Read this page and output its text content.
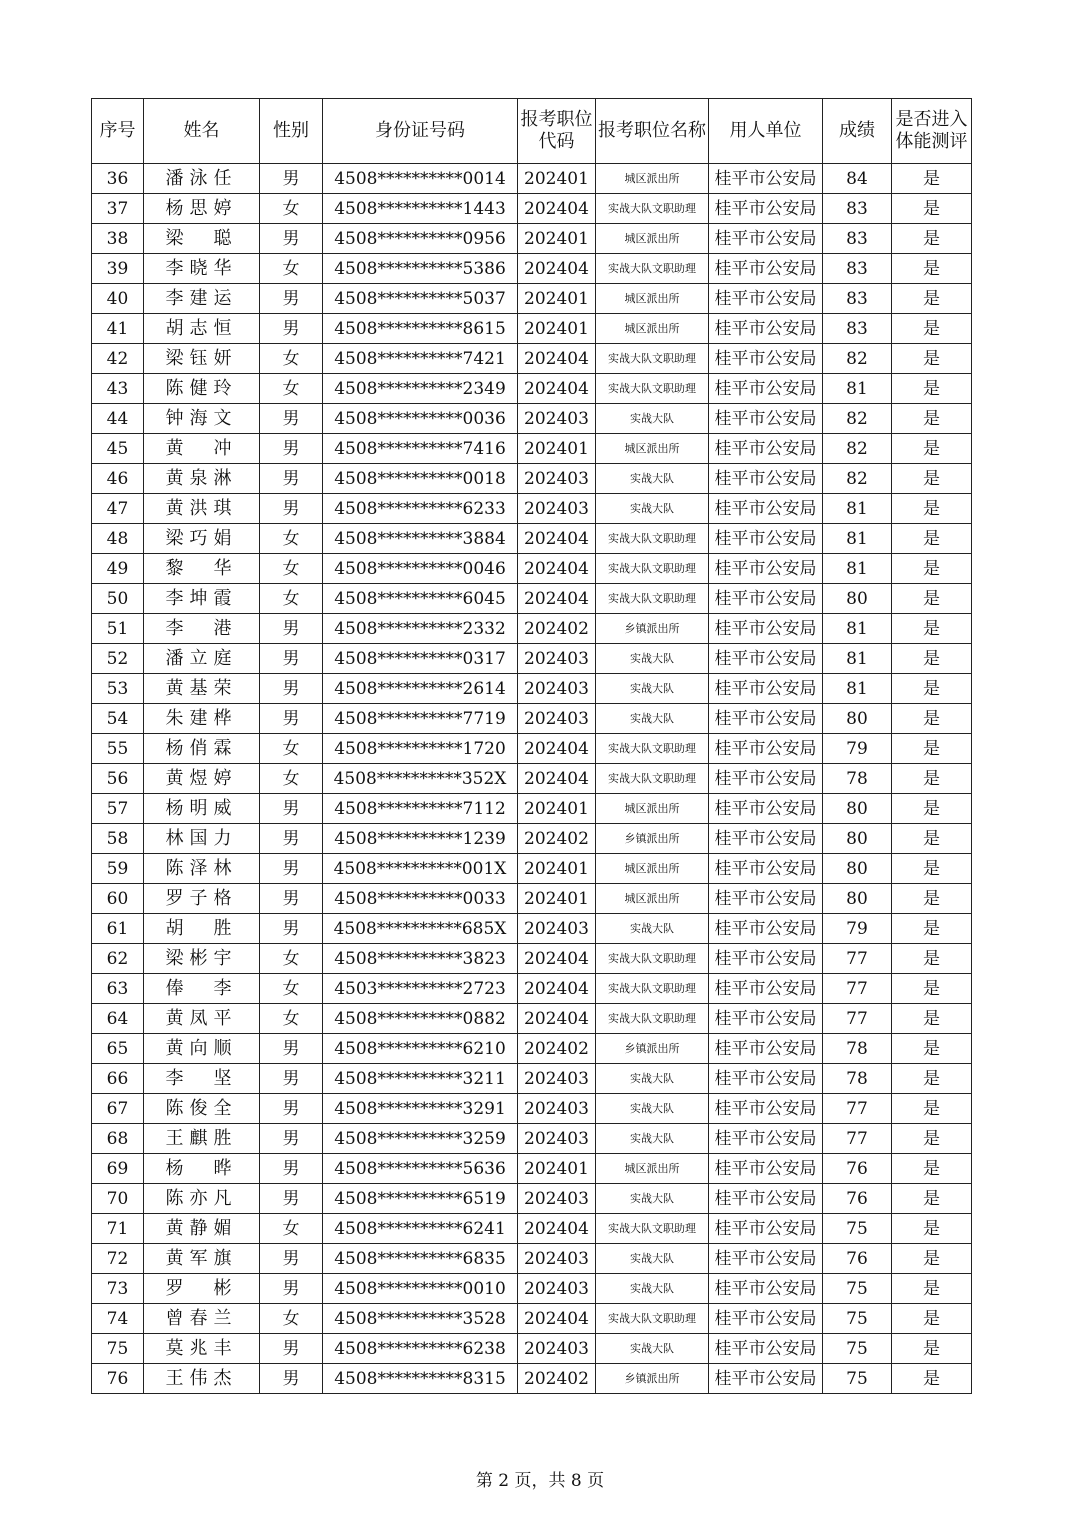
序号	姓名	性别	身份证号码	报考职位代码	报考职位名称	用人单位	成绩	是否进入体能测评
36	潘泳任	男	4508**********0014	202401	城区派出所	桂平市公安局	84	是
37	杨思婷	女	4508**********1443	202404	实战大队文职助理	桂平市公安局	83	是
38	梁　聪	男	4508**********0956	202401	城区派出所	桂平市公安局	83	是
39	李晓华	女	4508**********5386	202404	实战大队文职助理	桂平市公安局	83	是
40	李建运	男	4508**********5037	202401	城区派出所	桂平市公安局	83	是
41	胡志恒	男	4508**********8615	202401	城区派出所	桂平市公安局	83	是
42	梁钰妍	女	4508**********7421	202404	实战大队文职助理	桂平市公安局	82	是
43	陈健玲	女	4508**********2349	202404	实战大队文职助理	桂平市公安局	81	是
44	钟海文	男	4508**********0036	202403	实战大队	桂平市公安局	82	是
45	黄　冲	男	4508**********7416	202401	城区派出所	桂平市公安局	82	是
46	黄泉淋	男	4508**********0018	202403	实战大队	桂平市公安局	82	是
47	黄洪琪	男	4508**********6233	202403	实战大队	桂平市公安局	81	是
48	梁巧娟	女	4508**********3884	202404	实战大队文职助理	桂平市公安局	81	是
49	黎　华	女	4508**********0046	202404	实战大队文职助理	桂平市公安局	81	是
50	李坤霞	女	4508**********6045	202404	实战大队文职助理	桂平市公安局	80	是
51	李　港	男	4508**********2332	202402	乡镇派出所	桂平市公安局	81	是
52	潘立庭	男	4508**********0317	202403	实战大队	桂平市公安局	81	是
53	黄基荣	男	4508**********2614	202403	实战大队	桂平市公安局	81	是
54	朱建桦	男	4508**********7719	202403	实战大队	桂平市公安局	80	是
55	杨俏霖	女	4508**********1720	202404	实战大队文职助理	桂平市公安局	79	是
56	黄煜婷	女	4508**********352X	202404	实战大队文职助理	桂平市公安局	78	是
57	杨明威	男	4508**********7112	202401	城区派出所	桂平市公安局	80	是
58	林国力	男	4508**********1239	202402	乡镇派出所	桂平市公安局	80	是
59	陈泽林	男	4508**********001X	202401	城区派出所	桂平市公安局	80	是
60	罗子格	男	4508**********0033	202401	城区派出所	桂平市公安局	80	是
61	胡　胜	男	4508**********685X	202403	实战大队	桂平市公安局	79	是
62	梁彬宇	女	4508**********3823	202404	实战大队文职助理	桂平市公安局	77	是
63	俸　李	女	4503**********2723	202404	实战大队文职助理	桂平市公安局	77	是
64	黄凤平	女	4508**********0882	202404	实战大队文职助理	桂平市公安局	77	是
65	黄向顺	男	4508**********6210	202402	乡镇派出所	桂平市公安局	78	是
66	李　坚	男	4508**********3211	202403	实战大队	桂平市公安局	78	是
67	陈俊全	男	4508**********3291	202403	实战大队	桂平市公安局	77	是
68	王麒胜	男	4508**********3259	202403	实战大队	桂平市公安局	77	是
69	杨　晔	男	4508**********5636	202401	城区派出所	桂平市公安局	76	是
70	陈亦凡	男	4508**********6519	202403	实战大队	桂平市公安局	76	是
71	黄静媚	女	4508**********6241	202404	实战大队文职助理	桂平市公安局	75	是
72	黄军旗	男	4508**********6835	202403	实战大队	桂平市公安局	76	是
73	罗　彬	男	4508**********0010	202403	实战大队	桂平市公安局	75	是
74	曾春兰	女	4508**********3528	202404	实战大队文职助理	桂平市公安局	75	是
75	莫兆丰	男	4508**********6238	202403	实战大队	桂平市公安局	75	是
76	王伟杰	男	4508**********8315	202402	乡镇派出所	桂平市公安局	75	是
第 2 页，共 8 页
